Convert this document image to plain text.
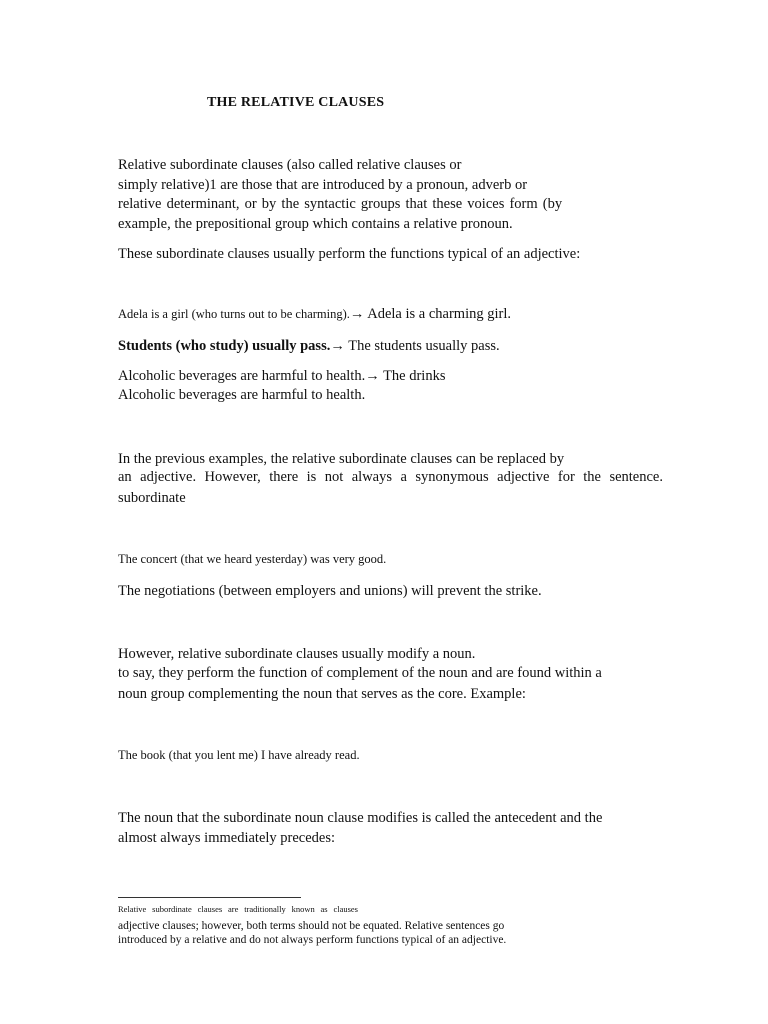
THE RELATIVE CLAUSES
Relative subordinate clauses (also called relative clauses or
simply relative)1 are those that are introduced by a pronoun, adverb or
relative determinant, or by the syntactic groups that these voices form (by
example, the prepositional group which contains a relative pronoun.
These subordinate clauses usually perform the functions typical of an adjective:
Adela is a girl (who turns out to be charming).→ Adela is a charming girl.
Students (who study) usually pass.→ The students usually pass.
Alcoholic beverages are harmful to health.→ The drinks
Alcoholic beverages are harmful to health.
In the previous examples, the relative subordinate clauses can be replaced by
an adjective. However, there is not always a synonymous adjective for the sentence.
subordinate
The concert (that we heard yesterday) was very good.
The negotiations (between employers and unions) will prevent the strike.
However, relative subordinate clauses usually modify a noun.
to say, they perform the function of complement of the noun and are found within a
noun group complementing the noun that serves as the core. Example:
The book (that you lent me) I have already read.
The noun that the subordinate noun clause modifies is called the antecedent and the
almost always immediately precedes:
Relative subordinate clauses are traditionally known as clauses
adjective clauses; however, both terms should not be equated. Relative sentences go
introduced by a relative and do not always perform functions typical of an adjective.
